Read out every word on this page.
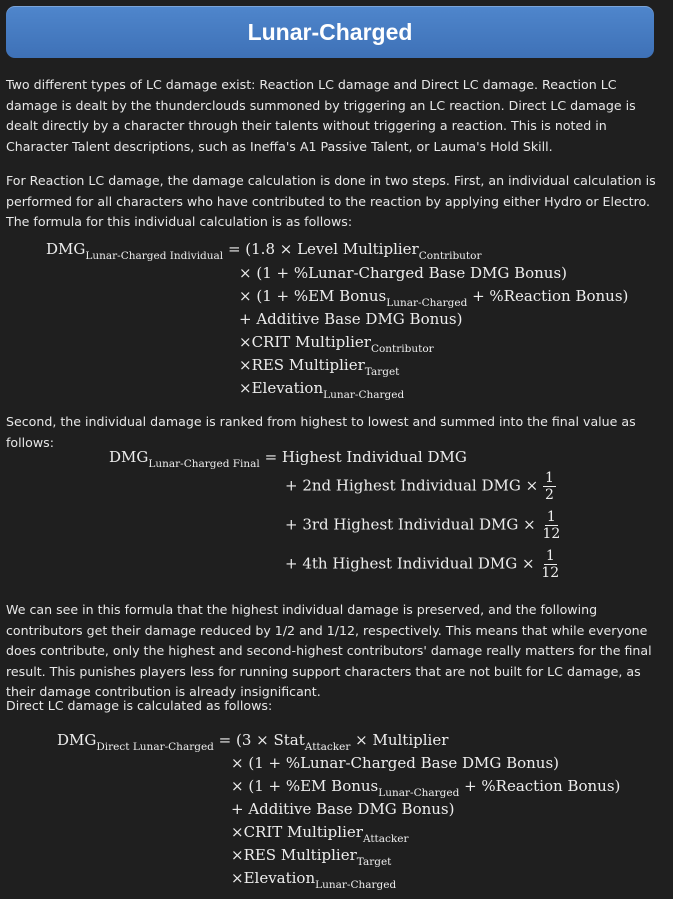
Lunar-Charged

Two different types of LC damage exist: Reaction LC damage and Direct LC damage. Reaction LC damage is dealt by the thunderclouds summoned by triggering an LC reaction. Direct LC damage is dealt directly by a character through their talents without triggering a reaction. This is noted in Character Talent descriptions, such as Ineffa's A1 Passive Talent, or Lauma's Hold Skill.

For Reaction LC damage, the damage calculation is done in two steps. First, an individual calculation is performed for all characters who have contributed to the reaction by applying either Hydro or Electro. The formula for this individual calculation is as follows:

$DMG_{Lunar-Charged Individual} = (1.8$ × Level Multiplier$_{Contributor}$
× (1 + %Lunar-Charged Base DMG Bonus)
× (1 + %EM Bonus$_{Lunar-Charged}$ + %Reaction Bonus)
+ Additive Base DMG Bonus)
×CRIT Multiplier$_{Contributor}$
×RES Multiplier$_{Target}$
×Elevation$_{Lunar-Charged}$

Second, the individual damage is ranked from highest to lowest and summed into the final value as follows:

$DMG_{Lunar-Charged Final}$ = Highest Individual DMG
+ 2nd Highest Individual DMG × $\frac{1}{2}$
+ 3rd Highest Individual DMG × $\frac{1}{12}$
+ 4th Highest Individual DMG × $\frac{1}{12}$

We can see in this formula that the highest individual damage is preserved, and the following contributors get their damage reduced by 1/2 and 1/12, respectively. This means that while everyone does contribute, only the highest and second-highest contributors' damage really matters for the final result. This punishes players less for running support characters that are not built for LC damage, as their damage contribution is already insignificant.

Direct LC damage is calculated as follows:

$DMG_{Direct Lunar-Charged} = (3$ × Stat$_{Attacker}$ × Multiplier
× (1 + %Lunar-Charged Base DMG Bonus)
× (1 + %EM Bonus$_{Lunar-Charged}$ + %Reaction Bonus)
+ Additive Base DMG Bonus)
×CRIT Multiplier$_{Attacker}$
×RES Multiplier$_{Target}$
×Elevation$_{Lunar-Charged}$
